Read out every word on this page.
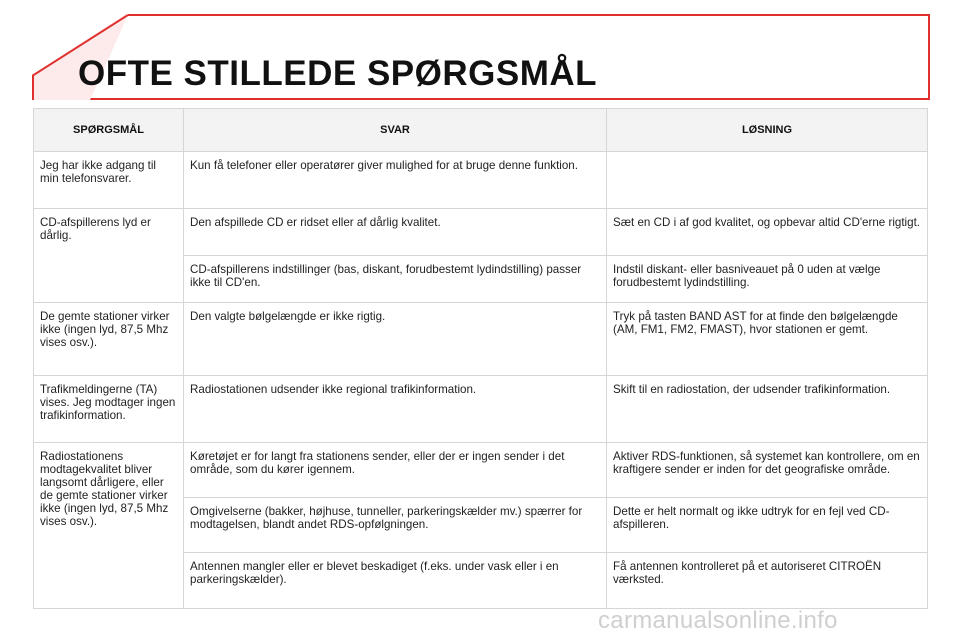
OFTE STILLEDE SPØRGSMÅL
SPØRGSMÅL	SVAR	LØSNING
Jeg har ikke adgang til min telefonsvarer.	Kun få telefoner eller operatører giver mulighed for at bruge denne funktion.	
CD-afspillerens lyd er dårlig.	Den afspillede CD er ridset eller af dårlig kvalitet.	Sæt en CD i af god kvalitet, og opbevar altid CD'erne rigtigt.
	CD-afspillerens indstillinger (bas, diskant, forudbestemt lydindstilling) passer ikke til CD'en.	Indstil diskant- eller basniveauet på 0 uden at vælge forudbestemt lydindstilling.
De gemte stationer virker ikke (ingen lyd, 87,5 Mhz vises osv.).	Den valgte bølgelængde er ikke rigtig.	Tryk på tasten BAND AST for at finde den bølgelængde (AM, FM1, FM2, FMAST), hvor stationen er gemt.
Trafikmeldingerne (TA) vises. Jeg modtager ingen trafikinformation.	Radiostationen udsender ikke regional trafikinformation.	Skift til en radiostation, der udsender trafikinformation.
Radiostationens modtagekvalitet bliver langsomt dårligere, eller de gemte stationer virker ikke (ingen lyd, 87,5 Mhz vises osv.).	Køretøjet er for langt fra stationens sender, eller der er ingen sender i det område, som du kører igennem.	Aktiver RDS-funktionen, så systemet kan kontrollere, om en kraftigere sender er inden for det geografiske område.
	Omgivelserne (bakker, højhuse, tunneller, parkeringskælder mv.) spærrer for modtagelsen, blandt andet RDS-opfølgningen.	Dette er helt normalt og ikke udtryk for en fejl ved CD-afspilleren.
	Antennen mangler eller er blevet beskadiget (f.eks. under vask eller i en parkeringskælder).	Få antennen kontrolleret på et autoriseret CITROËN værksted.
carmanualsonline.info
